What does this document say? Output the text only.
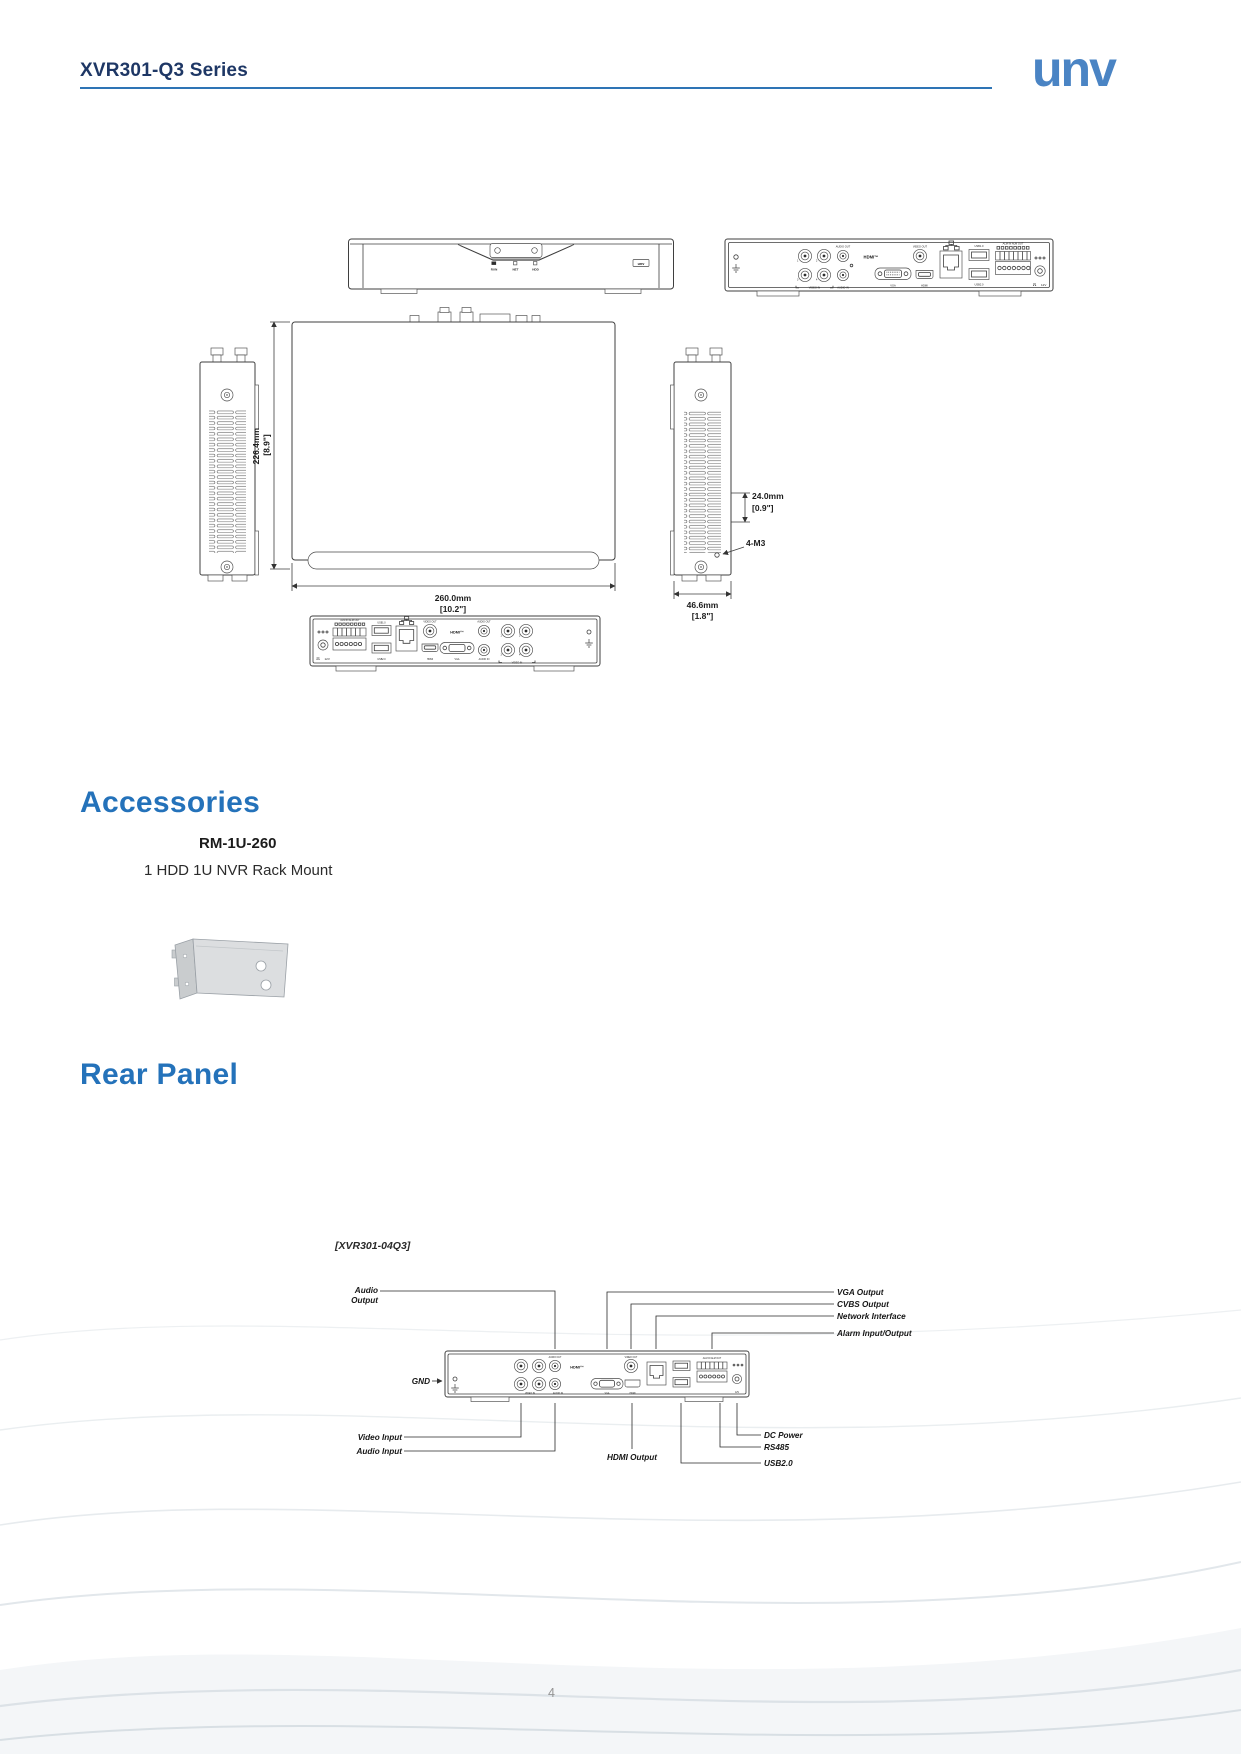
XVR301-Q3 Series	unv
RUN	NET	HDD
unv
1	2
3	4
VIDEO IN
AUDIO OUT
AUDIO IN
HDMI™
VGA
VIDEO OUT
HDMI
USB1.0
USB2.0
ALM IN ALM OUT
12V
226.4mm [8.9"]
260.0mm
[10.2"]
24.0mm
[0.9"]
4-M3
46.6mm
[1.8"]
12V
ALM IN ALM OUT
USB1.0
USB2.0	HDMI
VIDEO OUT
VGA
HDMI™
AUDIO OUT
AUDIO IN
1	2
3	4
VIDEO IN
Accessories
RM-1U-260
1 HDD 1U NVR Rack Mount
Rear Panel
[XVR301-04Q3]
Audio
Output
VGA Output
CVBS Output
Network Interface
Alarm Input/Output
GND
Video Input
Audio Input
HDMI Output
DC Power
RS485
USB2.0
VIDEO IN
AUDIO OUT
AUDIO IN
HDMI™
VGA
VIDEO OUT
HDMI
ALM IN ALM OUT
12V
4
